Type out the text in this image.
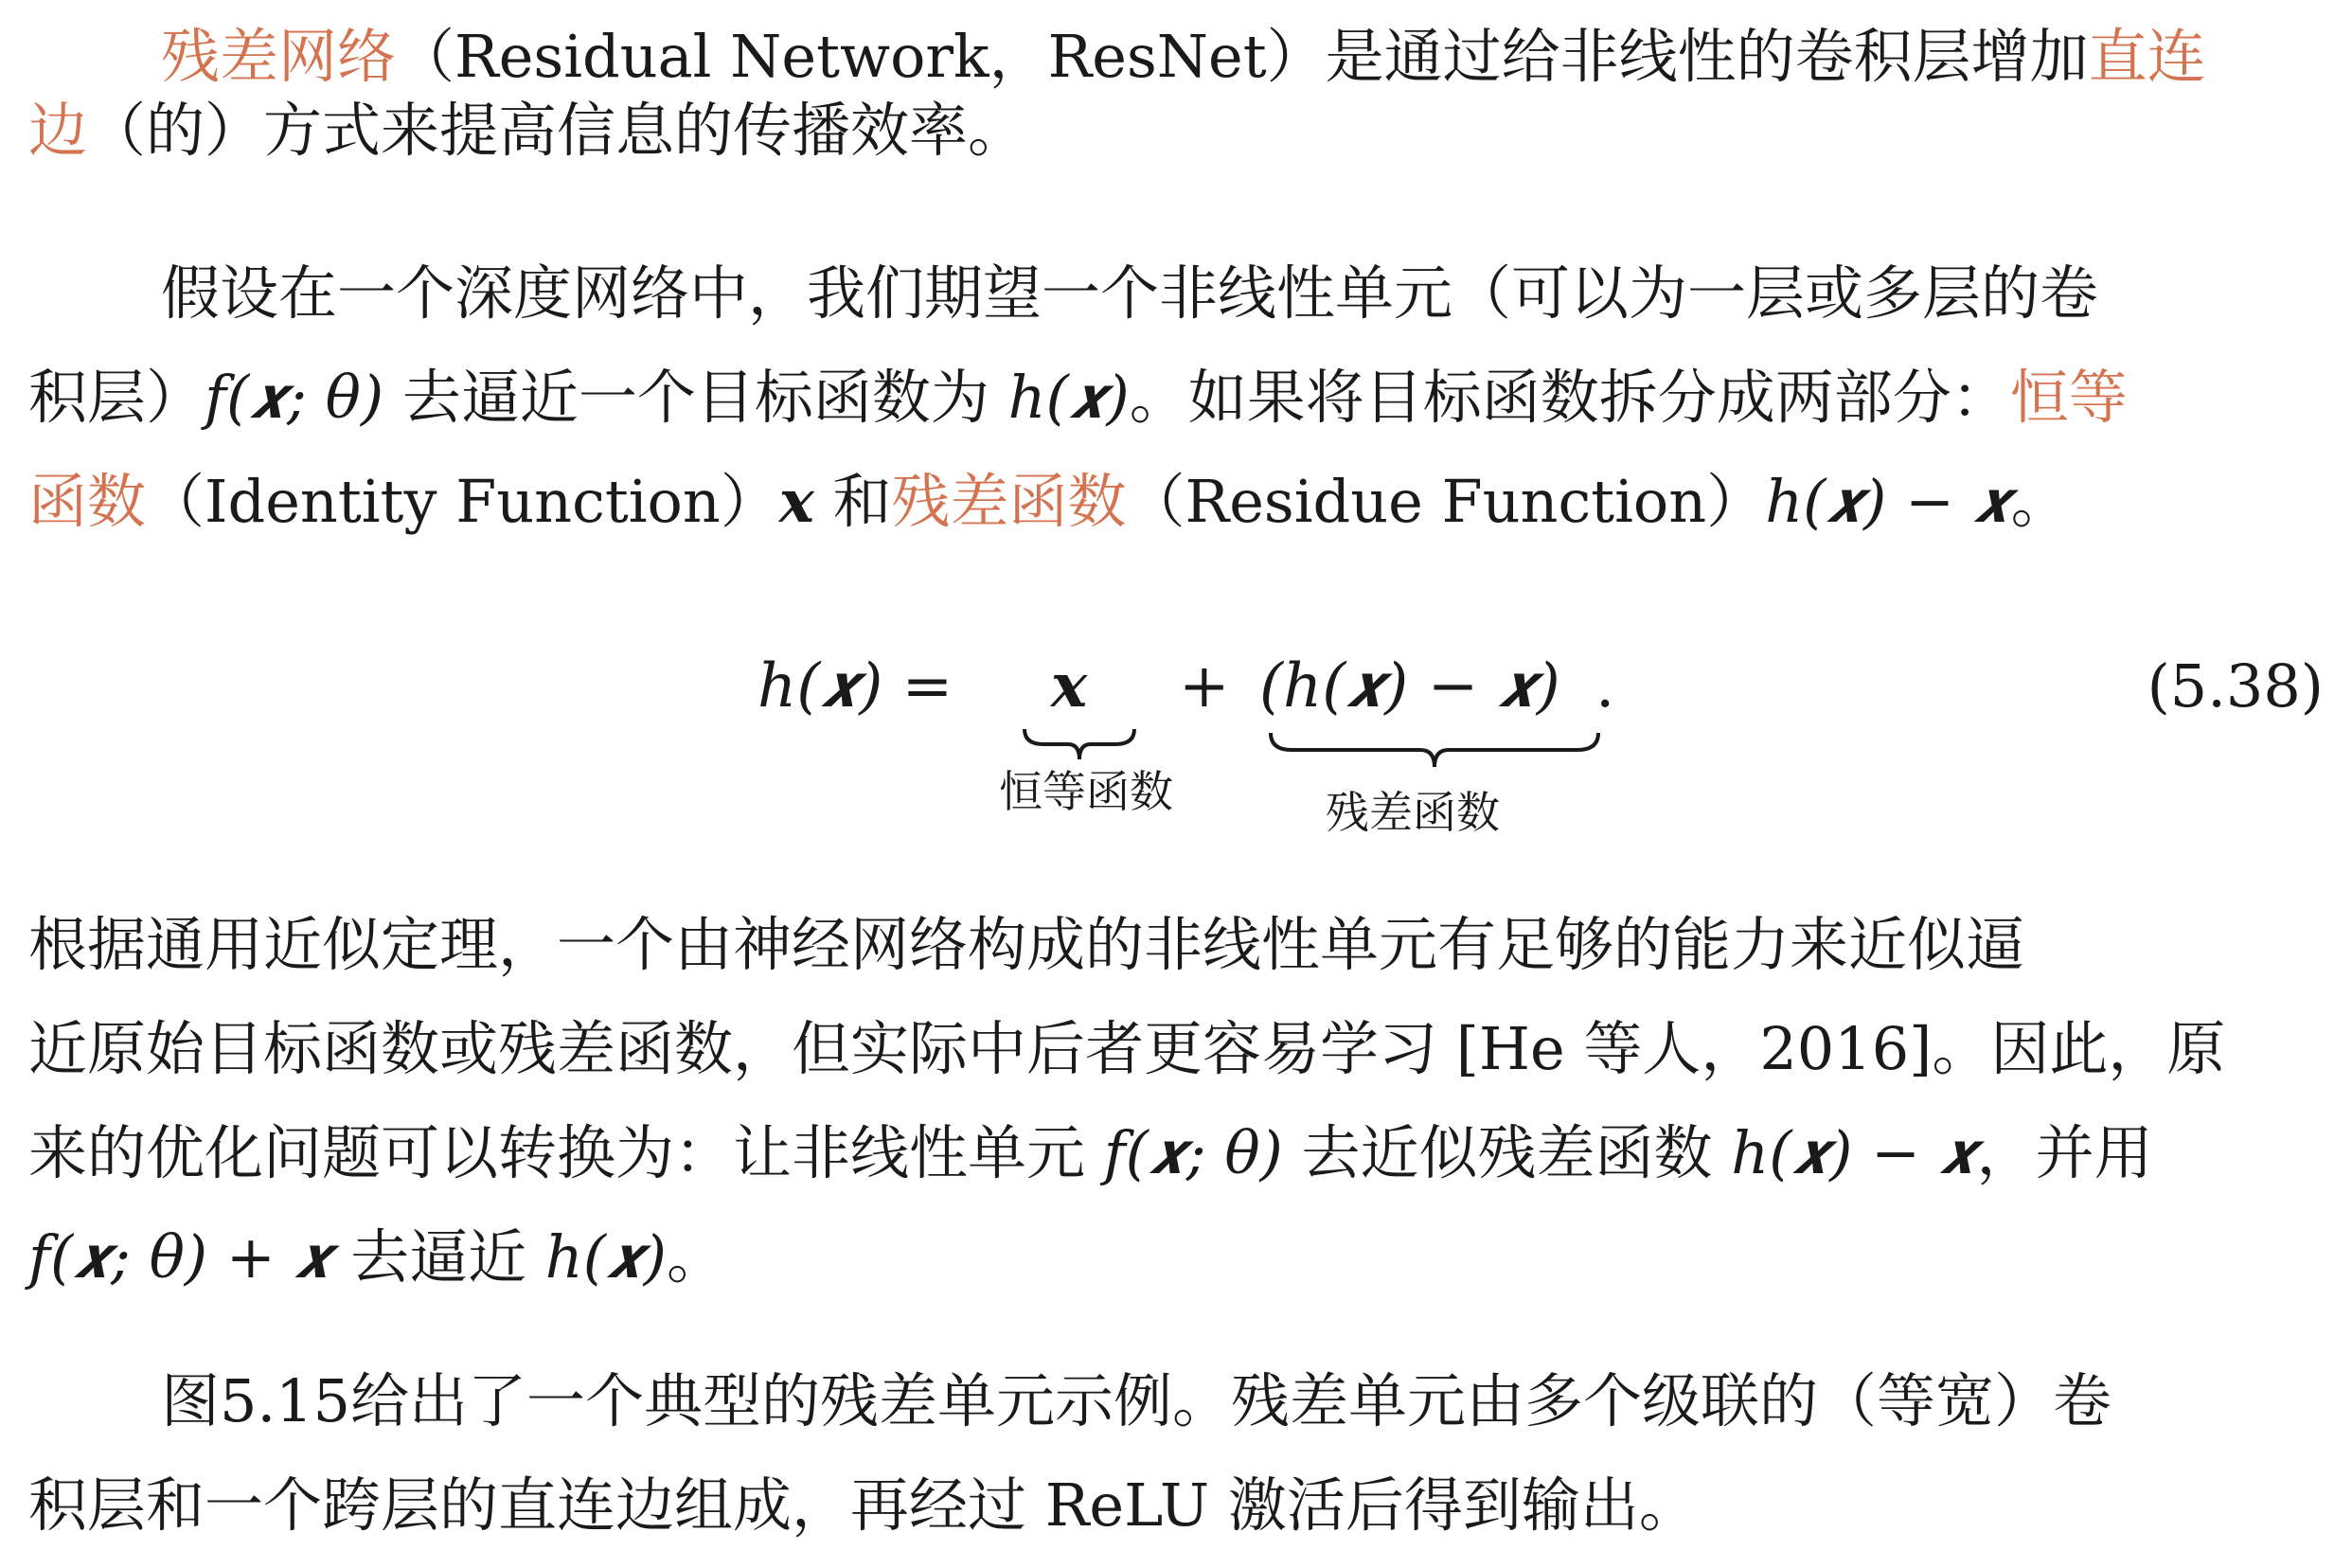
残差网络（Residual Network，ResNet）是通过给非线性的卷积层增加直连
边（的）方式来提高信息的传播效率。
假设在一个深度网络中，我们期望一个非线性单元（可以为一层或多层的卷
积层）f(𝒙; θ) 去逼近一个目标函数为 h(𝒙)。如果将目标函数拆分成两部分：恒等
函数（Identity Function）𝒙 和残差函数（Residue Function）h(𝒙) − 𝒙。
h(𝒙) = 𝒙 + (h(𝒙) − 𝒙) .	(5.38)
恒等函数	残差函数
根据通用近似定理，一个由神经网络构成的非线性单元有足够的能力来近似逼
近原始目标函数或残差函数，但实际中后者更容易学习 [He 等人，2016]。因此，原
来的优化问题可以转换为：让非线性单元 f(𝒙; θ) 去近似残差函数 h(𝒙) − 𝒙，并用
f(𝒙; θ) + 𝒙 去逼近 h(𝒙)。
图5.15给出了一个典型的残差单元示例。残差单元由多个级联的（等宽）卷
积层和一个跨层的直连边组成，再经过 ReLU 激活后得到输出。
